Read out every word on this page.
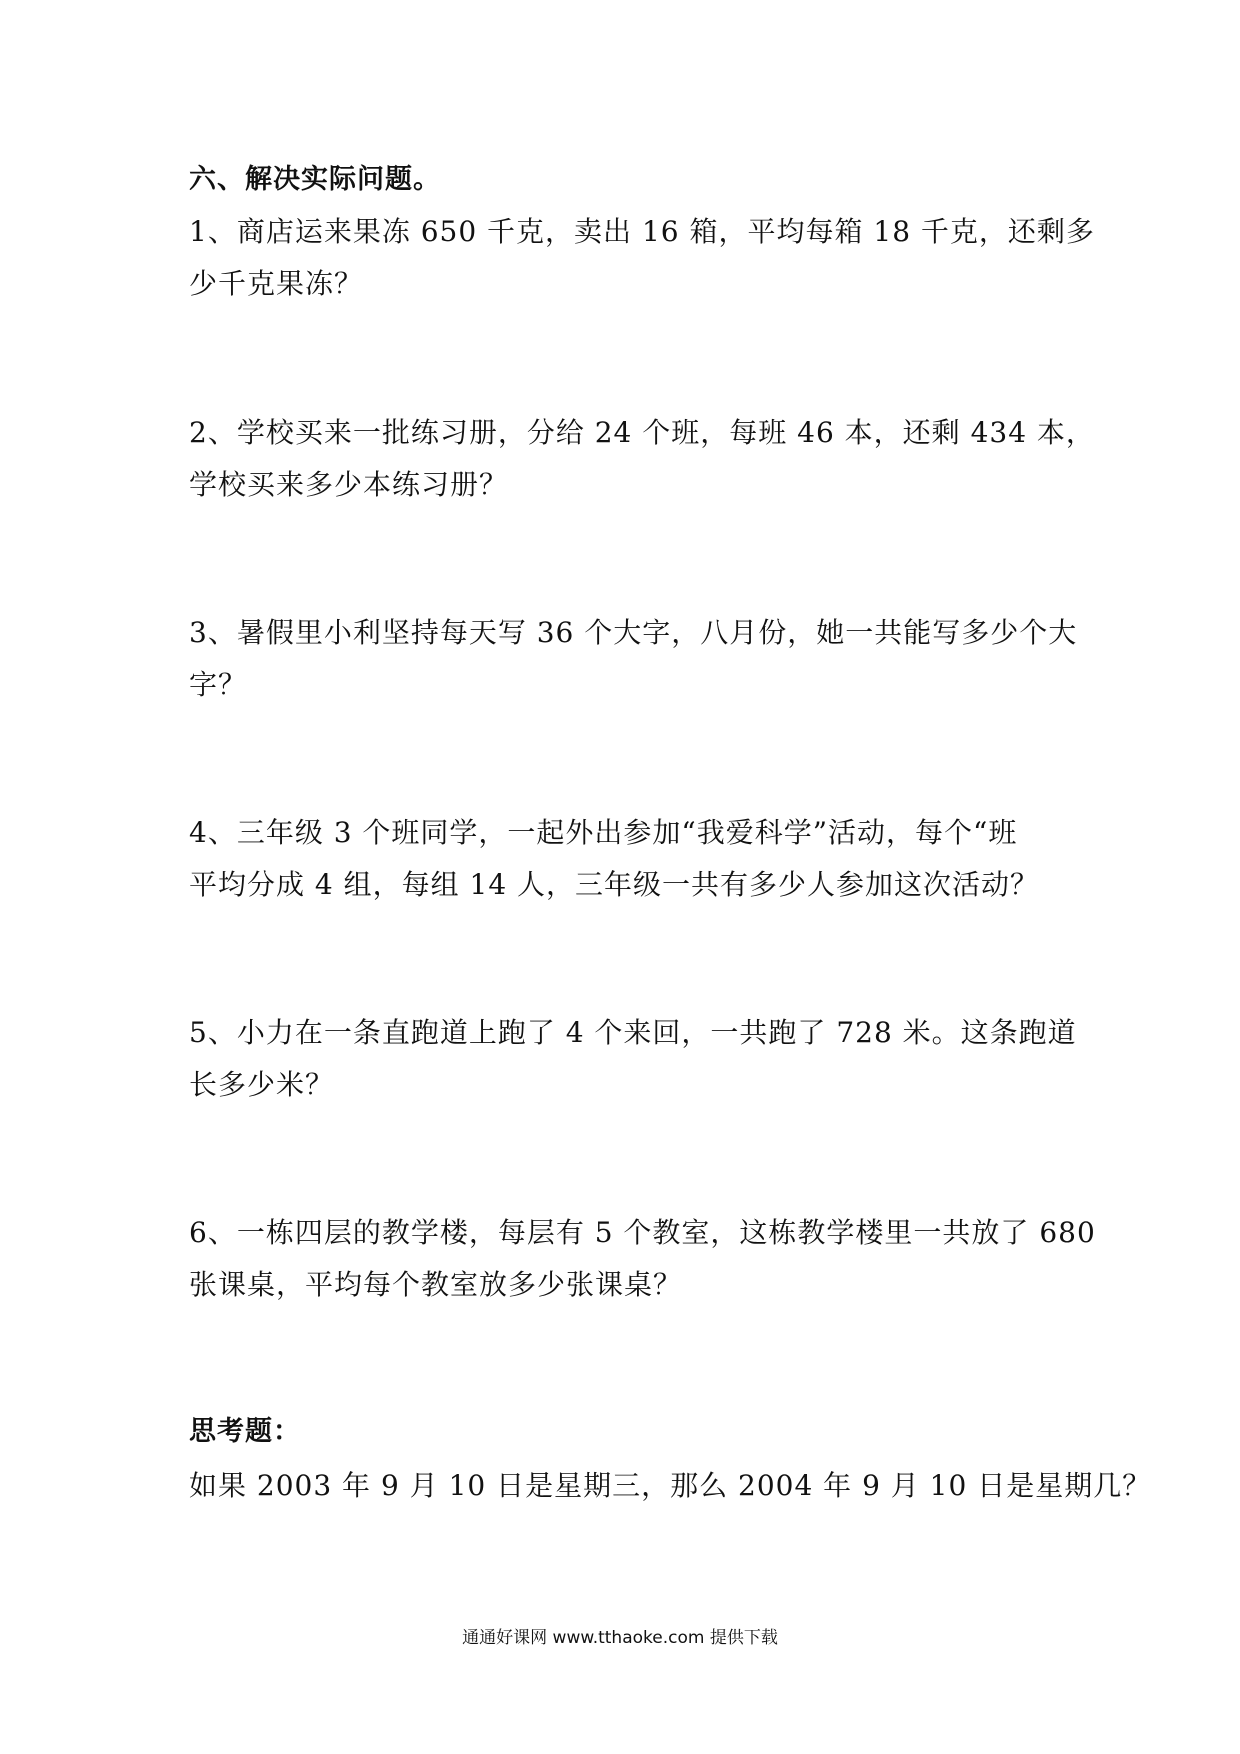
六、解决实际问题。

1、商店运来果冻 650 千克，卖出 16 箱，平均每箱 18 千克，还剩多

少千克果冻？

2、学校买来一批练习册，分给 24 个班，每班 46 本，还剩 434 本，

学校买来多少本练习册？

3、暑假里小利坚持每天写 36 个大字，八月份，她一共能写多少个大

字？

4、三年级 3 个班同学，一起外出参加“我爱科学”活动，每个“班

平均分成 4 组，每组 14 人，三年级一共有多少人参加这次活动？

5、小力在一条直跑道上跑了 4 个来回，一共跑了 728 米。这条跑道

长多少米？

6、一栋四层的教学楼，每层有 5 个教室，这栋教学楼里一共放了 680

张课桌，平均每个教室放多少张课桌？

思考题：
如果 2003 年 9 月 10 日是星期三，那么 2004 年 9 月 10 日是星期几？
通通好课网 www.tthaoke.com 提供下载
